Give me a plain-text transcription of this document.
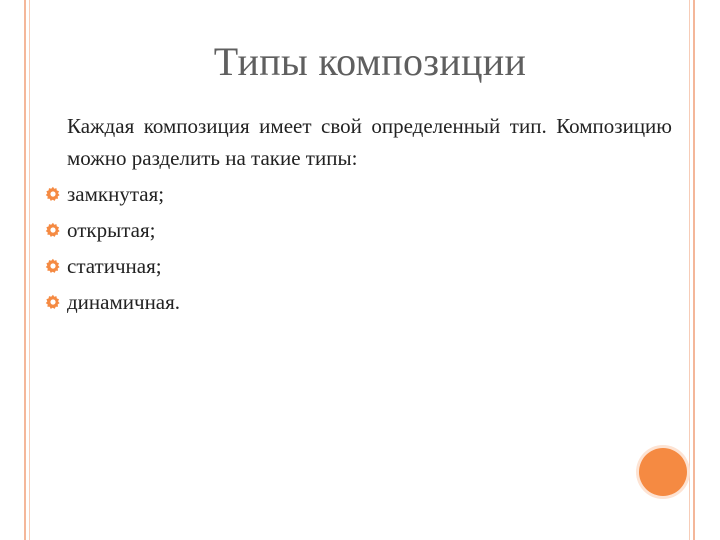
Типы композиции
Каждая композиция имеет свой определенный тип. Композицию можно разделить на такие типы:
замкнутая;
открытая;
статичная;
динамичная.
